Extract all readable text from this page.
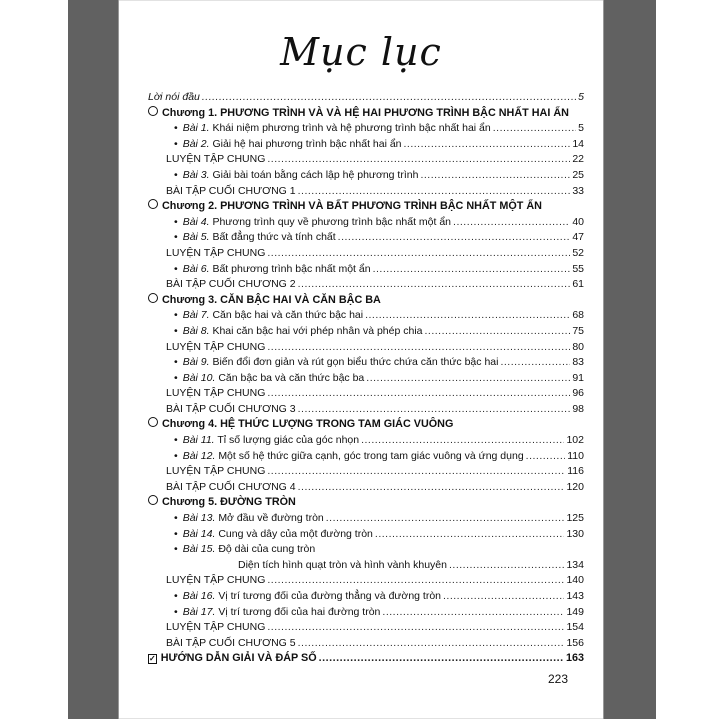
Mục lục
Lời nói đầu .....	5
Chương 1. PHƯƠNG TRÌNH VÀ VÀ HỆ HAI PHƯƠNG TRÌNH BẬC NHẤT HAI ẨN
• Bài 1. Khái niệm phương trình và hệ phương trình bậc nhất hai ẩn .....	5
• Bài 2. Giải hệ hai phương trình bậc nhất hai ẩn .....	14
LUYỆN TẬP CHUNG .....	22
• Bài 3. Giải bài toán bằng cách lập hệ phương trình .....	25
BÀI TẬP CUỐI CHƯƠNG 1 .....	33
Chương 2. PHƯƠNG TRÌNH VÀ BẤT PHƯƠNG TRÌNH BẬC NHẤT MỘT ẨN
• Bài 4. Phương trình quy về phương trình bậc nhất một ẩn .....	40
• Bài 5. Bất đẳng thức và tính chất .....	47
LUYỆN TẬP CHUNG .....	52
• Bài 6. Bất phương trình bậc nhất một ẩn .....	55
BÀI TẬP CUỐI CHƯƠNG 2 .....	61
Chương 3. CĂN BẬC HAI VÀ CĂN BẬC BA
• Bài 7. Căn bậc hai và căn thức bậc hai .....	68
• Bài 8. Khai căn bậc hai với phép nhân và phép chia .....	75
LUYỆN TẬP CHUNG .....	80
• Bài 9. Biến đổi đơn giản và rút gọn biểu thức chứa căn thức bậc hai .....	83
• Bài 10. Căn bậc ba và căn thức bậc ba .....	91
LUYỆN TẬP CHUNG .....	96
BÀI TẬP CUỐI CHƯƠNG 3 .....	98
Chương 4. HỆ THỨC LƯỢNG TRONG TAM GIÁC VUÔNG
• Bài 11. Tỉ số lượng giác của góc nhọn .....	102
• Bài 12. Một số hệ thức giữa cạnh, góc trong tam giác vuông và ứng dụng .....	110
LUYỆN TẬP CHUNG .....	116
BÀI TẬP CUỐI CHƯƠNG 4 .....	120
Chương 5. ĐƯỜNG TRÒN
• Bài 13. Mở đầu về đường tròn .....	125
• Bài 14. Cung và dây của một đường tròn .....	130
• Bài 15. Độ dài của cung tròn
Diện tích hình quạt tròn và hình vành khuyên .....	134
LUYỆN TẬP CHUNG .....	140
• Bài 16. Vị trí tương đối của đường thẳng và đường tròn .....	143
• Bài 17. Vị trí tương đối của hai đường tròn .....	149
LUYỆN TẬP CHUNG .....	154
BÀI TẬP CUỐI CHƯƠNG 5 .....	156
✓ HƯỚNG DẪN GIẢI VÀ ĐÁP SỐ .....	163
223
